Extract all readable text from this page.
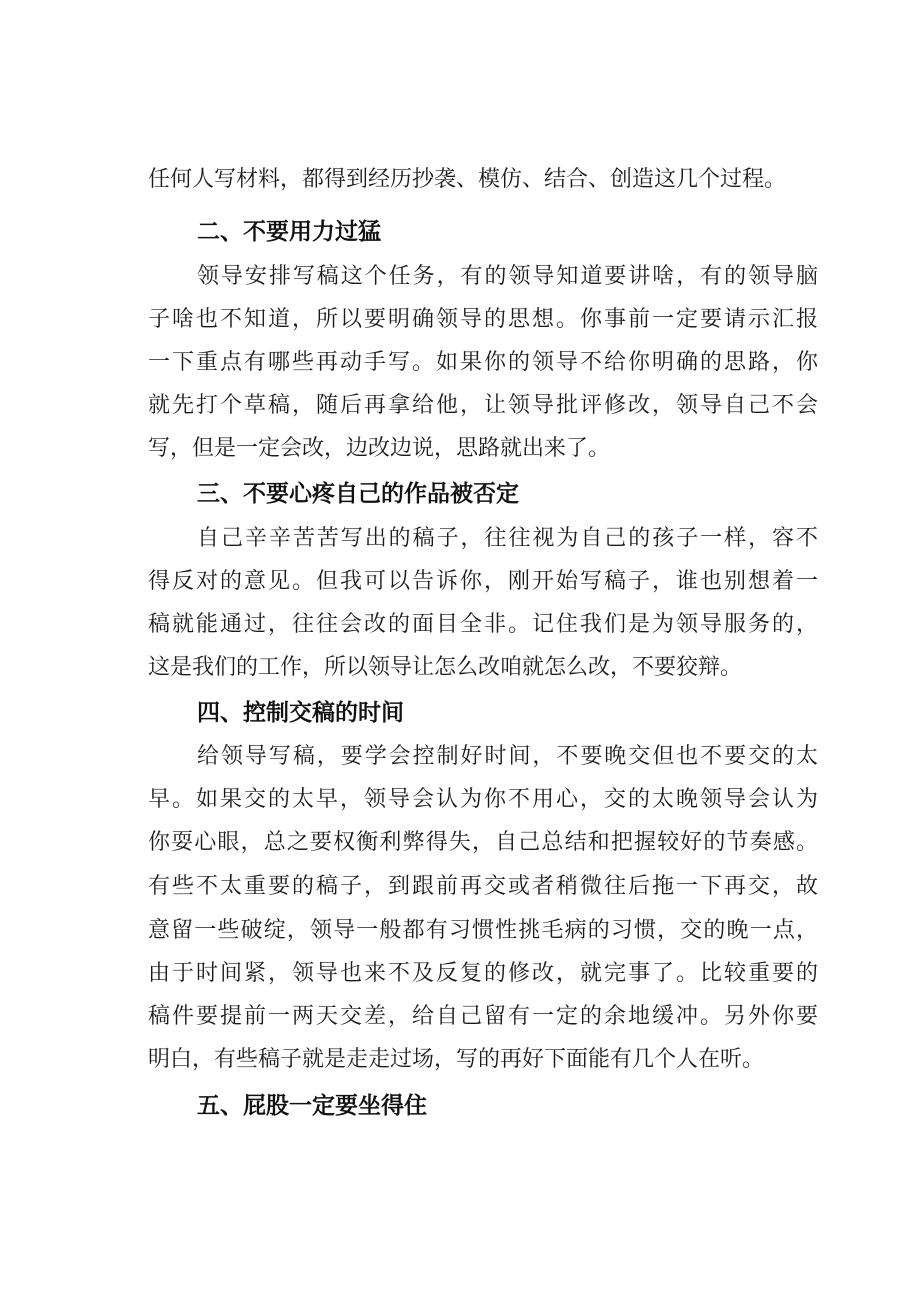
任何人写材料，都得到经历抄袭、模仿、结合、创造这几个过程。
二、不要用力过猛
领导安排写稿这个任务，有的领导知道要讲啥，有的领导脑
子啥也不知道，所以要明确领导的思想。你事前一定要请示汇报
一下重点有哪些再动手写。如果你的领导不给你明确的思路，你
就先打个草稿，随后再拿给他，让领导批评修改，领导自己不会
写，但是一定会改，边改边说，思路就出来了。
三、不要心疼自己的作品被否定
自己辛辛苦苦写出的稿子，往往视为自己的孩子一样，容不
得反对的意见。但我可以告诉你，刚开始写稿子，谁也别想着一
稿就能通过，往往会改的面目全非。记住我们是为领导服务的，
这是我们的工作，所以领导让怎么改咱就怎么改，不要狡辩。
四、控制交稿的时间
给领导写稿，要学会控制好时间，不要晚交但也不要交的太
早。如果交的太早，领导会认为你不用心，交的太晚领导会认为
你耍心眼，总之要权衡利弊得失，自己总结和把握较好的节奏感。
有些不太重要的稿子，到跟前再交或者稍微往后拖一下再交，故
意留一些破绽，领导一般都有习惯性挑毛病的习惯，交的晚一点，
由于时间紧，领导也来不及反复的修改，就完事了。比较重要的
稿件要提前一两天交差，给自己留有一定的余地缓冲。另外你要
明白，有些稿子就是走走过场，写的再好下面能有几个人在听。
五、屁股一定要坐得住
